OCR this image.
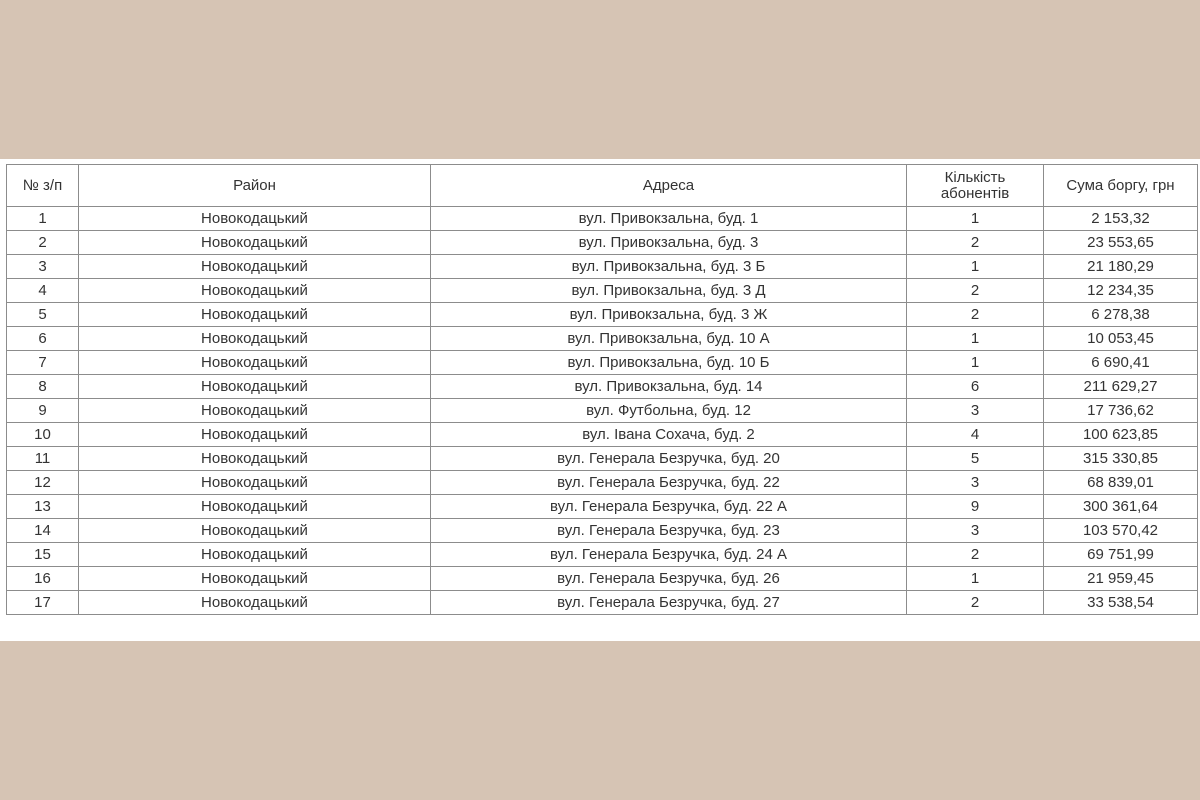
№ з/п	Район	Адреса	Кількість абонентів	Сума боргу, грн
1	Новокодацький	вул. Привокзальна, буд. 1	1	2 153,32
2	Новокодацький	вул. Привокзальна, буд. 3	2	23 553,65
3	Новокодацький	вул. Привокзальна, буд. 3 Б	1	21 180,29
4	Новокодацький	вул. Привокзальна, буд. 3 Д	2	12 234,35
5	Новокодацький	вул. Привокзальна, буд. 3 Ж	2	6 278,38
6	Новокодацький	вул. Привокзальна, буд. 10 А	1	10 053,45
7	Новокодацький	вул. Привокзальна, буд. 10 Б	1	6 690,41
8	Новокодацький	вул. Привокзальна, буд. 14	6	211 629,27
9	Новокодацький	вул. Футбольна, буд. 12	3	17 736,62
10	Новокодацький	вул. Івана Сохача, буд. 2	4	100 623,85
11	Новокодацький	вул. Генерала Безручка, буд. 20	5	315 330,85
12	Новокодацький	вул. Генерала Безручка, буд. 22	3	68 839,01
13	Новокодацький	вул. Генерала Безручка, буд. 22 А	9	300 361,64
14	Новокодацький	вул. Генерала Безручка, буд. 23	3	103 570,42
15	Новокодацький	вул. Генерала Безручка, буд. 24 А	2	69 751,99
16	Новокодацький	вул. Генерала Безручка, буд. 26	1	21 959,45
17	Новокодацький	вул. Генерала Безручка, буд. 27	2	33 538,54
